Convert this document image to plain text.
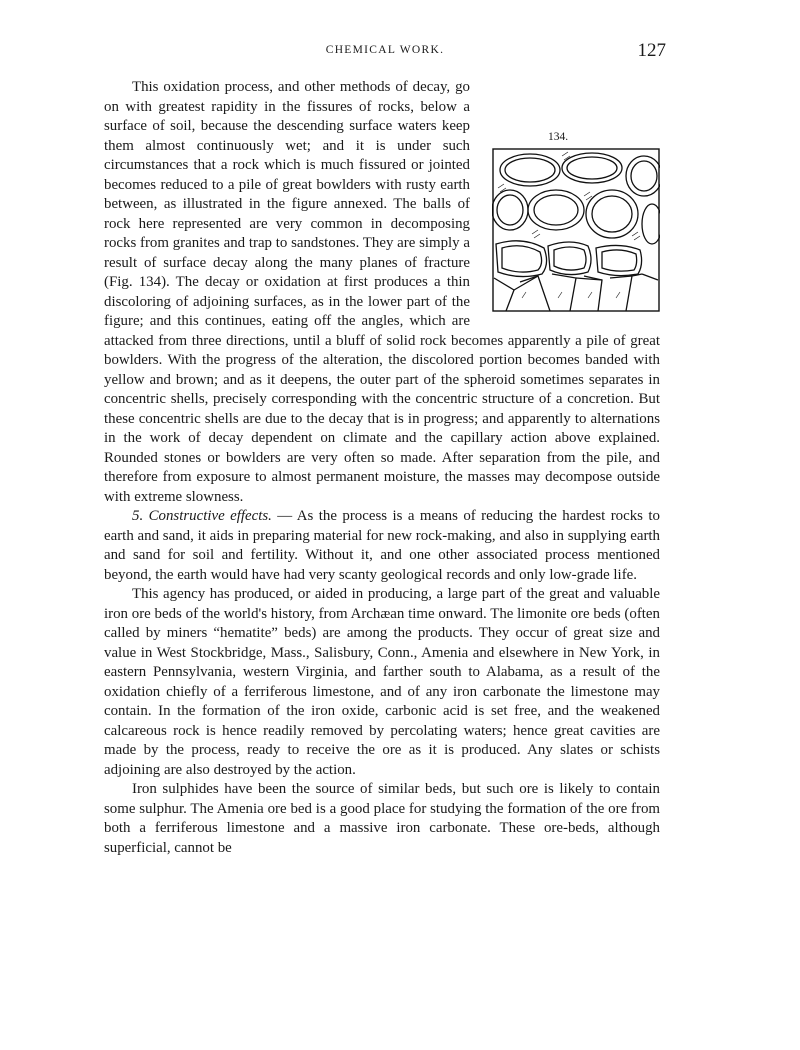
CHEMICAL WORK.	127
134.

This oxidation process, and other methods of decay, go on with greatest rapidity in the fissures of rocks, below a surface of soil, because the descending surface waters keep them almost continuously wet; and it is under such circumstances that a rock which is much fissured or jointed becomes reduced to a pile of great bowlders with rusty earth between, as illustrated in the figure annexed. The balls of rock here represented are very common in decomposing rocks from granites and trap to sandstones. They are simply a result of surface decay along the many planes of fracture (Fig. 134). The decay or oxidation at first produces a thin discoloring of adjoining surfaces, as in the lower part of the figure; and this continues, eating off the angles, which are attacked from three directions, until a bluff of solid rock becomes apparently a pile of great bowlders. With the progress of the alteration, the discolored portion becomes banded with yellow and brown; and as it deepens, the outer part of the spheroid sometimes separates in concentric shells, precisely corresponding with the concentric structure of a concretion. But these concentric shells are due to the decay that is in progress; and apparently to alternations in the work of decay dependent on climate and the capillary action above explained. Rounded stones or bowlders are very often so made. After separation from the pile, and therefore from exposure to almost permanent moisture, the masses may decompose outside with extreme slowness.

5. Constructive effects. — As the process is a means of reducing the hardest rocks to earth and sand, it aids in preparing material for new rock-making, and also in supplying earth and sand for soil and fertility. Without it, and one other associated process mentioned beyond, the earth would have had very scanty geological records and only low-grade life.

This agency has produced, or aided in producing, a large part of the great and valuable iron ore beds of the world's history, from Archæan time onward. The limonite ore beds (often called by miners “hematite” beds) are among the products. They occur of great size and value in West Stockbridge, Mass., Salisbury, Conn., Amenia and elsewhere in New York, in eastern Pennsylvania, western Virginia, and farther south to Alabama, as a result of the oxidation chiefly of a ferriferous limestone, and of any iron carbonate the limestone may contain. In the formation of the iron oxide, carbonic acid is set free, and the weakened calcareous rock is hence readily removed by percolating waters; hence great cavities are made by the process, ready to receive the ore as it is produced. Any slates or schists adjoining are also destroyed by the action.

Iron sulphides have been the source of similar beds, but such ore is likely to contain some sulphur. The Amenia ore bed is a good place for studying the formation of the ore from both a ferriferous limestone and a massive iron carbonate. These ore-beds, although superficial, cannot be
